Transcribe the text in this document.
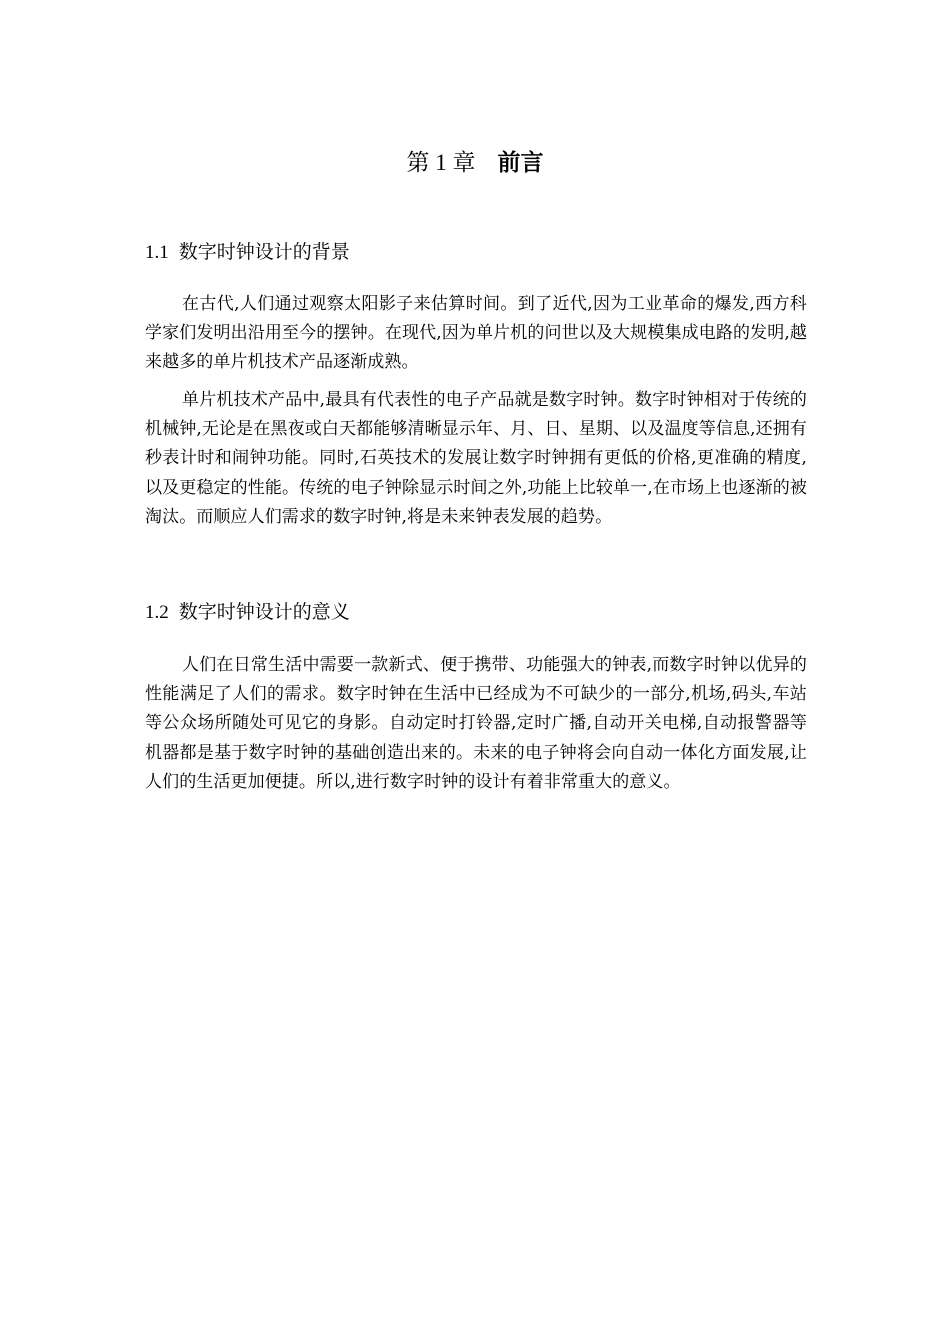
第 1 章 前言
1.1 数字时钟设计的背景

在古代,人们通过观察太阳影子来估算时间。到了近代,因为工业革命的爆发,西方科学家们发明出沿用至今的摆钟。在现代,因为单片机的问世以及大规模集成电路的发明,越来越多的单片机技术产品逐渐成熟。

单片机技术产品中,最具有代表性的电子产品就是数字时钟。数字时钟相对于传统的机械钟,无论是在黑夜或白天都能够清晰显示年、月、日、星期、以及温度等信息,还拥有秒表计时和闹钟功能。同时,石英技术的发展让数字时钟拥有更低的价格,更准确的精度,以及更稳定的性能。传统的电子钟除显示时间之外,功能上比较单一,在市场上也逐渐的被淘汰。而顺应人们需求的数字时钟,将是未来钟表发展的趋势。

1.2 数字时钟设计的意义

人们在日常生活中需要一款新式、便于携带、功能强大的钟表,而数字时钟以优异的性能满足了人们的需求。数字时钟在生活中已经成为不可缺少的一部分,机场,码头,车站等公众场所随处可见它的身影。自动定时打铃器,定时广播,自动开关电梯,自动报警器等机器都是基于数字时钟的基础创造出来的。未来的电子钟将会向自动一体化方面发展,让人们的生活更加便捷。所以,进行数字时钟的设计有着非常重大的意义。
